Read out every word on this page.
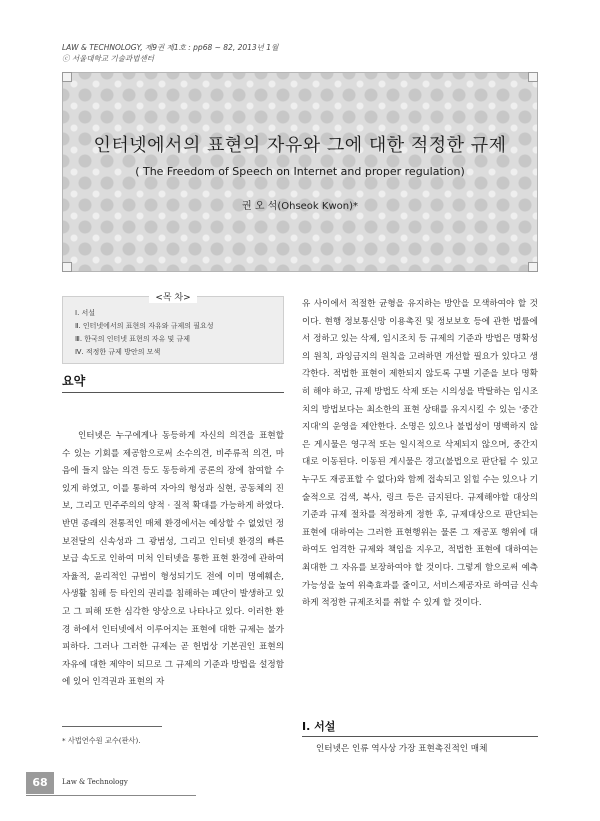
LAW & TECHNOLOGY, 제9권 제1호 : pp68 ~ 82, 2013년 1월
ⓒ 서울대학교 기술과법센터
인터넷에서의 표현의 자유와 그에 대한 적정한 규제
( The Freedom of Speech on Internet and proper regulation)
권 오 석(Ohseok Kwon)*
<목 차>
Ⅰ. 서설
Ⅱ. 인터넷에서의 표현의 자유와 규제의 필요성
Ⅲ. 한국의 인터넷 표현의 자유 및 규제
Ⅳ. 적정한 규제 방안의 모색
요약
인터넷은 누구에게나 동등하게 자신의 의견을 표현할 수 있는 기회를 제공함으로써 소수의견, 비주류적 의견, 마음에 들지 않는 의견 등도 동등하게 공론의 장에 참여할 수 있게 하였고, 이를 통하여 자아의 형성과 실현, 공동체의 진보, 그리고 민주주의의 양적 · 질적 확대를 가능하게 하였다. 반면 종래의 전통적인 매체 환경에서는 예상할 수 없었던 정보전달의 신속성과 그 광범성, 그리고 인터넷 환경의 빠른 보급 속도로 인하여 미처 인터넷을 통한 표현 환경에 관하여 자율적, 윤리적인 규범이 형성되기도 전에 이미 명예훼손, 사생활 침해 등 타인의 권리를 침해하는 폐단이 발생하고 있고 그 피해 또한 심각한 양상으로 나타나고 있다. 이러한 환경 하에서 인터넷에서 이루어지는 표현에 대한 규제는 불가피하다. 그러나 그러한 규제는 곧 헌법상 기본권인 표현의 자유에 대한 제약이 되므로 그 규제의 기준과 방법을 설정함에 있어 인격권과 표현의 자
유 사이에서 적절한 균형을 유지하는 방안을 모색하여야 할 것이다. 현행 정보통신망 이용촉진 및 정보보호 등에 관한 법률에서 정하고 있는 삭제, 임시조치 등 규제의 기준과 방법은 명확성의 원칙, 과잉금지의 원칙을 고려하면 개선할 필요가 있다고 생각한다. 적법한 표현이 제한되지 않도록 구별 기준을 보다 명확히 해야 하고, 규제 방법도 삭제 또는 시의성을 박탈하는 임시조치의 방법보다는 최소한의 표현 상태를 유지시킬 수 있는 '중간지대'의 운영을 제안한다. 소명은 있으나 불법성이 명백하지 않은 게시물은 영구적 또는 일시적으로 삭제되지 않으며, 중간지대로 이동된다. 이동된 게시물은 경고(불법으로 판단될 수 있고 누구도 재공표할 수 없다)와 함께 접속되고 읽힐 수는 있으나 기술적으로 검색, 복사, 링크 등은 금지된다. 규제해야할 대상의 기준과 규제 절차를 적정하게 정한 후, 규제대상으로 판단되는 표현에 대하여는 그러한 표현행위는 물론 그 재공포 행위에 대하여도 엄격한 규제와 책임을 지우고, 적법한 표현에 대하여는 최대한 그 자유를 보장하여야 할 것이다. 그렇게 함으로써 예측가능성을 높여 위축효과를 줄이고, 서비스제공자로 하여금 신속하게 적정한 규제조치를 취할 수 있게 할 것이다.
Ⅰ. 서설
인터넷은 인류 역사상 가장 표현촉진적인 매체
* 사법연수원 교수(판사).
68	Law & Technology
